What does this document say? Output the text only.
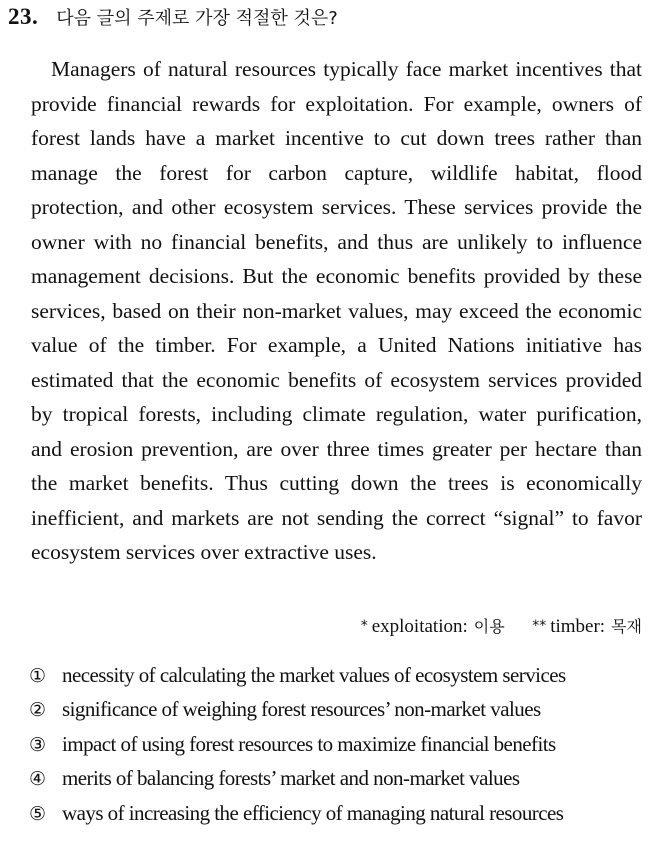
23. 다음 글의 주제로 가장 적절한 것은?

Managers of natural resources typically face market incentives that provide financial rewards for exploitation. For example, owners of forest lands have a market incentive to cut down trees rather than manage the forest for carbon capture, wildlife habitat, flood protection, and other ecosystem services. These services provide the owner with no financial benefits, and thus are unlikely to influence management decisions. But the economic benefits provided by these services, based on their non-market values, may exceed the economic value of the timber. For example, a United Nations initiative has estimated that the economic benefits of ecosystem services provided by tropical forests, including climate regulation, water purification, and erosion prevention, are over three times greater per hectare than the market benefits. Thus cutting down the trees is economically inefficient, and markets are not sending the correct “signal” to favor ecosystem services over extractive uses.

* exploitation: 이용 ** timber: 목재
① necessity of calculating the market values of ecosystem services
② significance of weighing forest resources’ non-market values
③ impact of using forest resources to maximize financial benefits
④ merits of balancing forests’ market and non-market values
⑤ ways of increasing the efficiency of managing natural resources
